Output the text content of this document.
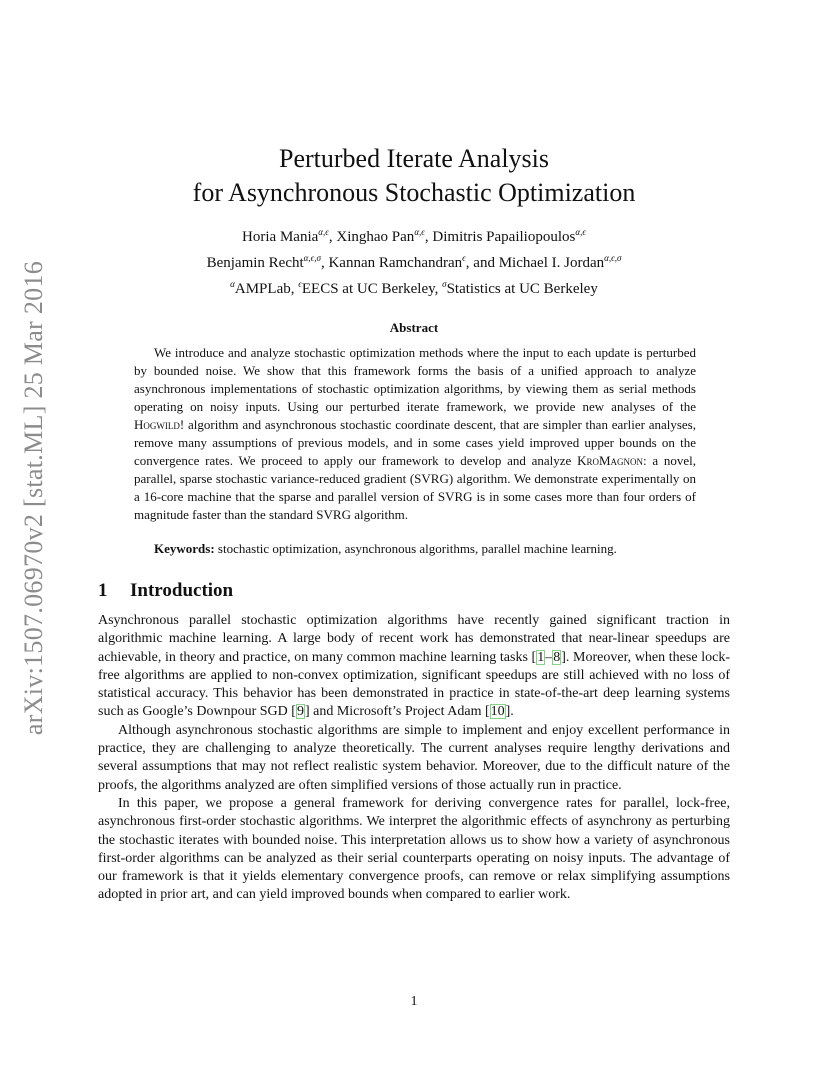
arXiv:1507.06970v2 [stat.ML] 25 Mar 2016
Perturbed Iterate Analysis
for Asynchronous Stochastic Optimization
Horia Mania$^{\alpha,\epsilon}$, Xinghao Pan$^{\alpha,\epsilon}$, Dimitris Papailiopoulos$^{\alpha,\epsilon}$
Benjamin Recht$^{\alpha,\epsilon,\sigma}$, Kannan Ramchandran$^\epsilon$, and Michael I. Jordan$^{\alpha,\epsilon,\sigma}$
$^\alpha$AMPLab, $^\epsilon$EECS at UC Berkeley, $^\sigma$Statistics at UC Berkeley
Abstract

We introduce and analyze stochastic optimization methods where the input to each update is perturbed by bounded noise. We show that this framework forms the basis of a unified approach to analyze asynchronous implementations of stochastic optimization algorithms, by viewing them as serial methods operating on noisy inputs. Using our perturbed iterate framework, we provide new analyses of the Hogwild! algorithm and asynchronous stochastic coordinate descent, that are simpler than earlier analyses, remove many assumptions of previous models, and in some cases yield improved upper bounds on the convergence rates. We proceed to apply our framework to develop and analyze KroMagnon: a novel, parallel, sparse stochastic variance-reduced gradient (SVRG) algorithm. We demonstrate experimentally on a 16-core machine that the sparse and parallel version of SVRG is in some cases more than four orders of magnitude faster than the standard SVRG algorithm.

Keywords: stochastic optimization, asynchronous algorithms, parallel machine learning.
1 Introduction

Asynchronous parallel stochastic optimization algorithms have recently gained significant traction in algorithmic machine learning. A large body of recent work has demonstrated that near-linear speedups are achievable, in theory and practice, on many common machine learning tasks [1–8]. Moreover, when these lock-free algorithms are applied to non-convex optimization, significant speedups are still achieved with no loss of statistical accuracy. This behavior has been demonstrated in practice in state-of-the-art deep learning systems such as Google’s Downpour SGD [9] and Microsoft’s Project Adam [10].

Although asynchronous stochastic algorithms are simple to implement and enjoy excellent performance in practice, they are challenging to analyze theoretically. The current analyses require lengthy derivations and several assumptions that may not reflect realistic system behavior. Moreover, due to the difficult nature of the proofs, the algorithms analyzed are often simplified versions of those actually run in practice.

In this paper, we propose a general framework for deriving convergence rates for parallel, lock-free, asynchronous first-order stochastic algorithms. We interpret the algorithmic effects of asynchrony as perturbing the stochastic iterates with bounded noise. This interpretation allows us to show how a variety of asynchronous first-order algorithms can be analyzed as their serial counterparts operating on noisy inputs. The advantage of our framework is that it yields elementary convergence proofs, can remove or relax simplifying assumptions adopted in prior art, and can yield improved bounds when compared to earlier work.

1
